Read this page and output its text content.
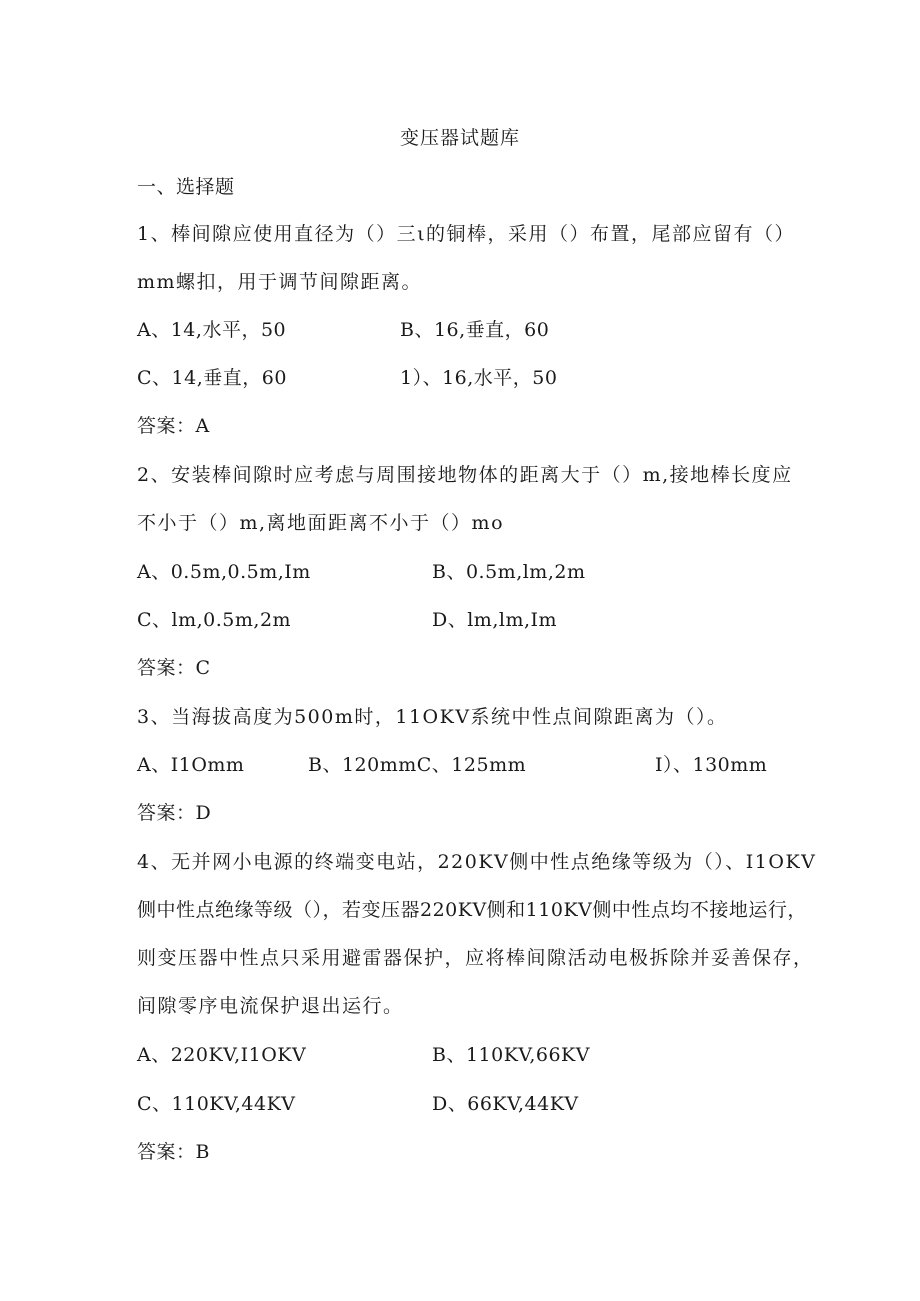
变压器试题库
一、选择题
1、棒间隙应使用直径为（）三ι的铜棒，采用（）布置，尾部应留有（）
mm螺扣，用于调节间隙距离。
A、14,水平，50	B、16,垂直，60
C、14,垂直，60	1）、16,水平，50
答案：A
2、安装棒间隙时应考虑与周围接地物体的距离大于（）m,接地棒长度应
不小于（）m,离地面距离不小于（）mo
A、0.5m,0.5m,Im	B、0.5m,lm,2m
C、lm,0.5m,2m	D、lm,lm,Im
答案：C
3、当海拔高度为500m时，11OKV系统中性点间隙距离为（）。
A、I1Omm	B、120mmC、125mm	I）、130mm
答案：D
4、无并网小电源的终端变电站，220KV侧中性点绝缘等级为（）、I1OKV
侧中性点绝缘等级（），若变压器220KV侧和110KV侧中性点均不接地运行，
则变压器中性点只采用避雷器保护，应将棒间隙活动电极拆除并妥善保存，
间隙零序电流保护退出运行。
A、220KV,I1OKV	B、110KV,66KV
C、110KV,44KV	D、66KV,44KV
答案：B
